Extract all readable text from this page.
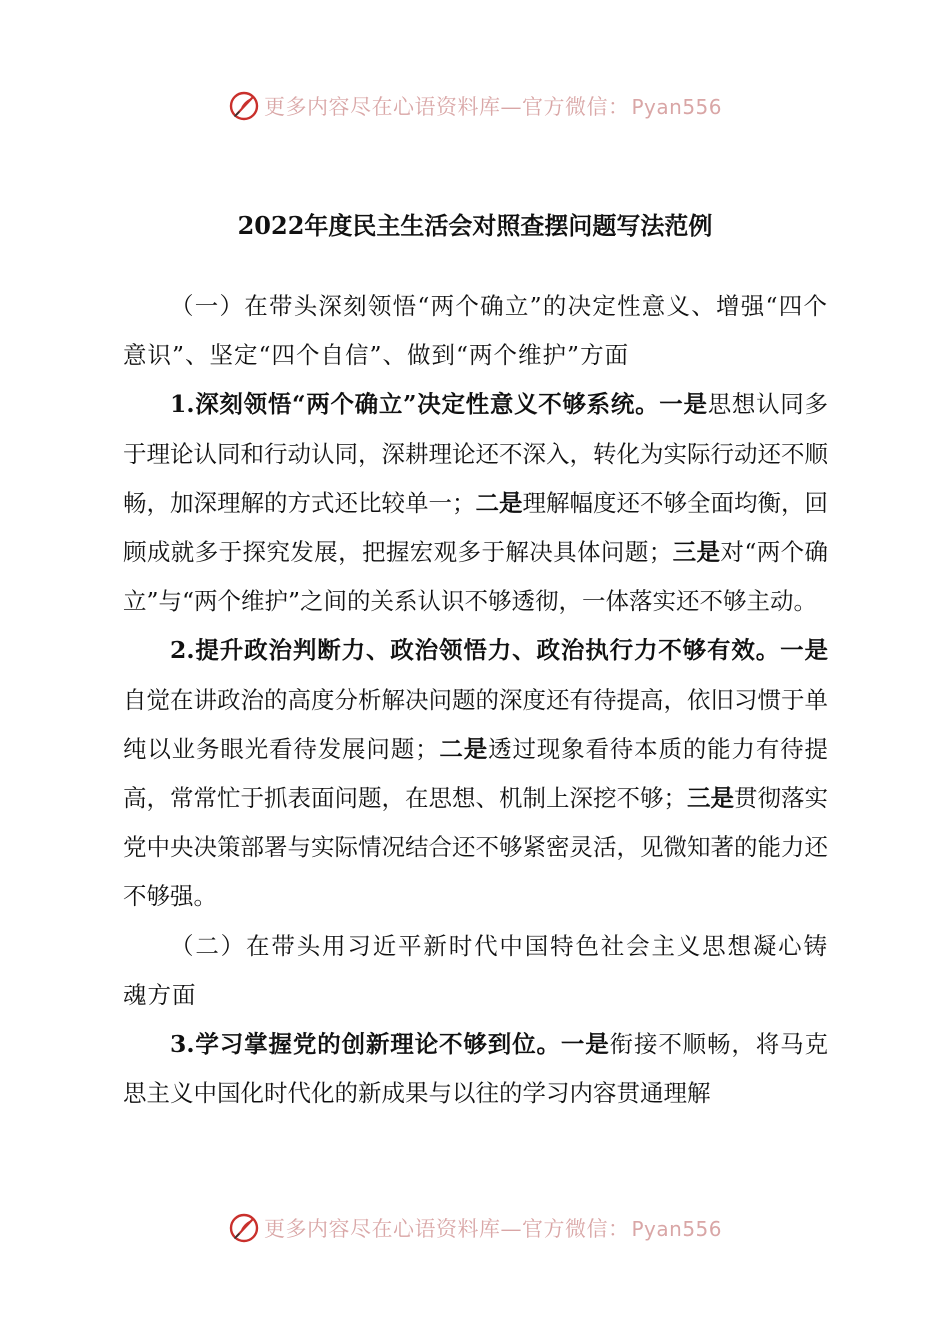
更多内容尽在心语资料库—官方微信： Pyan556
2022年度民主生活会对照查摆问题写法范例

（一）在带头深刻领悟“两个确立”的决定性意义、增强“四个意识”、坚定“四个自信”、做到“两个维护”方面

1.深刻领悟“两个确立”决定性意义不够系统。一是思想认同多于理论认同和行动认同，深耕理论还不深入，转化为实际行动还不顺畅，加深理解的方式还比较单一；二是理解幅度还不够全面均衡，回顾成就多于探究发展，把握宏观多于解决具体问题；三是对“两个确立”与“两个维护”之间的关系认识不够透彻，一体落实还不够主动。

2.提升政治判断力、政治领悟力、政治执行力不够有效。一是自觉在讲政治的高度分析解决问题的深度还有待提高，依旧习惯于单纯以业务眼光看待发展问题；二是透过现象看待本质的能力有待提高，常常忙于抓表面问题，在思想、机制上深挖不够；三是贯彻落实党中央决策部署与实际情况结合还不够紧密灵活，见微知著的能力还不够强。

（二）在带头用习近平新时代中国特色社会主义思想凝心铸魂方面

3.学习掌握党的创新理论不够到位。一是衔接不顺畅，将马克思主义中国化时代化的新成果与以往的学习内容贯通理解

更多内容尽在心语资料库—官方微信： Pyan556
